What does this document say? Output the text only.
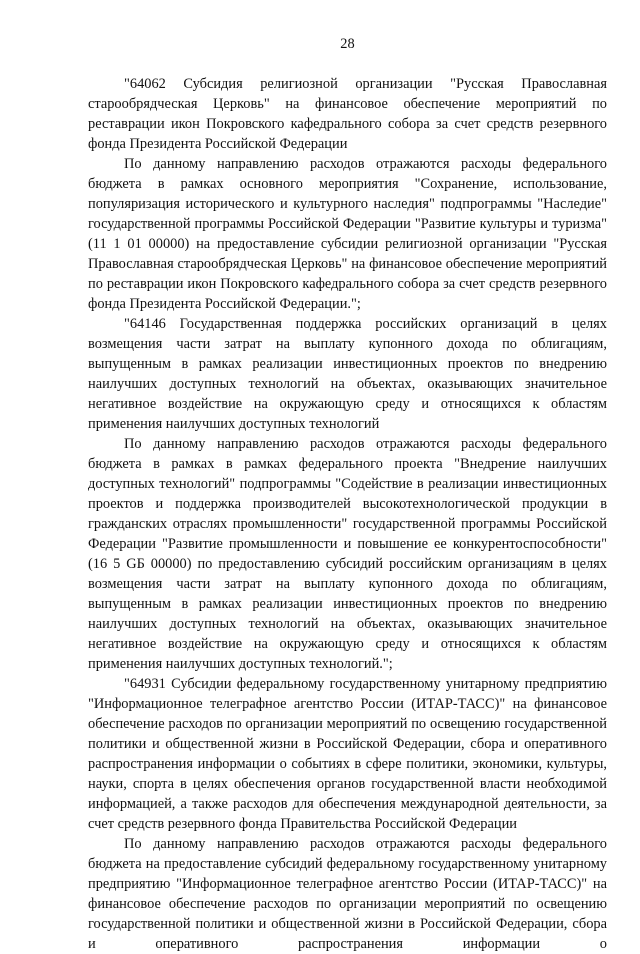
28

"64062 Субсидия религиозной организации "Русская Православная старообрядческая Церковь" на финансовое обеспечение мероприятий по реставрации икон Покровского кафедрального собора за счет средств резервного фонда Президента Российской Федерации

По данному направлению расходов отражаются расходы федерального бюджета в рамках основного мероприятия "Сохранение, использование, популяризация исторического и культурного наследия" подпрограммы "Наследие" государственной программы Российской Федерации "Развитие культуры и туризма" (11 1 01 00000) на предоставление субсидии религиозной организации "Русская Православная старообрядческая Церковь" на финансовое обеспечение мероприятий по реставрации икон Покровского кафедрального собора за счет средств резервного фонда Президента Российской Федерации.";

"64146 Государственная поддержка российских организаций в целях возмещения части затрат на выплату купонного дохода по облигациям, выпущенным в рамках реализации инвестиционных проектов по внедрению наилучших доступных технологий на объектах, оказывающих значительное негативное воздействие на окружающую среду и относящихся к областям применения наилучших доступных технологий

По данному направлению расходов отражаются расходы федерального бюджета в рамках в рамках федерального проекта "Внедрение наилучших доступных технологий" подпрограммы "Содействие в реализации инвестиционных проектов и поддержка производителей высокотехнологической продукции в гражданских отраслях промышленности" государственной программы Российской Федерации "Развитие промышленности и повышение ее конкурентоспособности" (16 5 GБ 00000) по предоставлению субсидий российским организациям в целях возмещения части затрат на выплату купонного дохода по облигациям, выпущенным в рамках реализации инвестиционных проектов по внедрению наилучших доступных технологий на объектах, оказывающих значительное негативное воздействие на окружающую среду и относящихся к областям применения наилучших доступных технологий.";

"64931 Субсидии федеральному государственному унитарному предприятию "Информационное телеграфное агентство России (ИТАР-ТАСС)" на финансовое обеспечение расходов по организации мероприятий по освещению государственной политики и общественной жизни в Российской Федерации, сбора и оперативного распространения информации о событиях в сфере политики, экономики, культуры, науки, спорта в целях обеспечения органов государственной власти необходимой информацией, а также расходов для обеспечения международной деятельности, за счет средств резервного фонда Правительства Российской Федерации

По данному направлению расходов отражаются расходы федерального бюджета на предоставление субсидий федеральному государственному унитарному предприятию "Информационное телеграфное агентство России (ИТАР-ТАСС)" на финансовое обеспечение расходов по организации мероприятий по освещению государственной политики и общественной жизни в Российской Федерации, сбора и оперативного распространения информации о
